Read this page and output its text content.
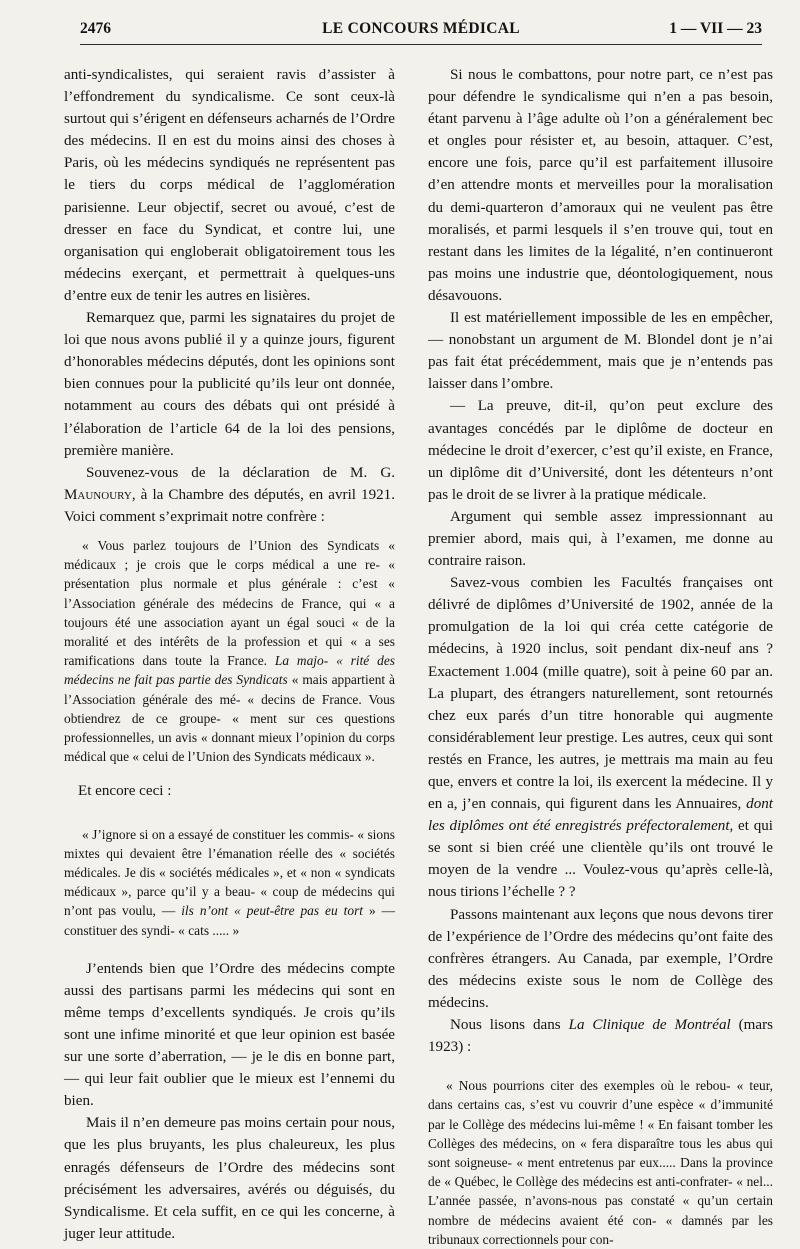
2476	LE CONCOURS MÉDICAL	1 — VII — 23

anti-syndicalistes, qui seraient ravis d’assister à l’effondrement du syndicalisme. Ce sont ceux-là surtout qui s’érigent en défenseurs acharnés de l’Ordre des médecins. Il en est du moins ainsi des choses à Paris, où les médecins syndiqués ne représentent pas le tiers du corps médical de l’agglomération parisienne. Leur objectif, secret ou avoué, c’est de dresser en face du Syndicat, et contre lui, une organisation qui engloberait obligatoirement tous les médecins exerçant, et permettrait à quelques-uns d’entre eux de tenir les autres en lisières.

Remarquez que, parmi les signataires du projet de loi que nous avons publié il y a quinze jours, figurent d’honorables médecins députés, dont les opinions sont bien connues pour la publicité qu’ils leur ont donnée, notamment au cours des débats qui ont présidé à l’élaboration de l’article 64 de la loi des pensions, première manière.

Souvenez-vous de la déclaration de M. G. Maunoury, à la Chambre des députés, en avril 1921. Voici comment s’exprimait notre confrère :

« Vous parlez toujours de l’Union des Syndicats « médicaux ; je crois que le corps médical a une re- « présentation plus normale et plus générale : c’est « l’Association générale des médecins de France, qui « a toujours été une association ayant un égal souci « de la moralité et des intérêts de la profession et qui « a ses ramifications dans toute la France. La majo- « rité des médecins ne fait pas partie des Syndicats « mais appartient à l’Association générale des mé- « decins de France. Vous obtiendrez de ce groupe- « ment sur ces questions professionnelles, un avis « donnant mieux l’opinion du corps médical que « celui de l’Union des Syndicats médicaux ».

Et encore ceci :

« J’ignore si on a essayé de constituer les commis- « sions mixtes qui devaient être l’émanation réelle des « sociétés médicales. Je dis « sociétés médicales », et « non « syndicats médicaux », parce qu’il y a beau- « coup de médecins qui n’ont pas voulu, — ils n’ont « peut-être pas eu tort » — constituer des syndi- « cats ..... »

J’entends bien que l’Ordre des médecins compte aussi des partisans parmi les médecins qui sont en même temps d’excellents syndiqués. Je crois qu’ils sont une infime minorité et que leur opinion est basée sur une sorte d’aberration, — je le dis en bonne part, — qui leur fait oublier que le mieux est l’ennemi du bien.

Mais il n’en demeure pas moins certain pour nous, que les plus bruyants, les plus chaleureux, les plus enragés défenseurs de l’Ordre des médecins sont précisément les adversaires, avérés ou déguisés, du Syndicalisme. Et cela suffit, en ce qui les concerne, à juger leur attitude.

Si nous le combattons, pour notre part, ce n’est pas pour défendre le syndicalisme qui n’en a pas besoin, étant parvenu à l’âge adulte où l’on a généralement bec et ongles pour résister et, au besoin, attaquer. C’est, encore une fois, parce qu’il est parfaitement illusoire d’en attendre monts et merveilles pour la moralisation du demi-quarteron d’amoraux qui ne veulent pas être moralisés, et parmi lesquels il s’en trouve qui, tout en restant dans les limites de la légalité, n’en continueront pas moins une industrie que, déontologiquement, nous désavouons.

Il est matériellement impossible de les en empêcher, — nonobstant un argument de M. Blondel dont je n’ai pas fait état précédemment, mais que je n’entends pas laisser dans l’ombre.

— La preuve, dit-il, qu’on peut exclure des avantages concédés par le diplôme de docteur en médecine le droit d’exercer, c’est qu’il existe, en France, un diplôme dit d’Université, dont les détenteurs n’ont pas le droit de se livrer à la pratique médicale.

Argument qui semble assez impressionnant au premier abord, mais qui, à l’examen, me donne au contraire raison.

Savez-vous combien les Facultés françaises ont délivré de diplômes d’Université de 1902, année de la promulgation de la loi qui créa cette catégorie de médecins, à 1920 inclus, soit pendant dix-neuf ans ? Exactement 1.004 (mille quatre), soit à peine 60 par an. La plupart, des étrangers naturellement, sont retournés chez eux parés d’un titre honorable qui augmente considérablement leur prestige. Les autres, ceux qui sont restés en France, les autres, je mettrais ma main au feu que, envers et contre la loi, ils exercent la médecine. Il y en a, j’en connais, qui figurent dans les Annuaires, dont les diplômes ont été enregistrés préfectoralement, et qui se sont si bien créé une clientèle qu’ils ont trouvé le moyen de la vendre ... Voulez-vous qu’après celle-là, nous tirions l’échelle ? ?

Passons maintenant aux leçons que nous devons tirer de l’expérience de l’Ordre des médecins qu’ont faite des confrères étrangers. Au Canada, par exemple, l’Ordre des médecins existe sous le nom de Collège des médecins.

Nous lisons dans La Clinique de Montréal (mars 1923) :

« Nous pourrions citer des exemples où le rebou- « teur, dans certains cas, s’est vu couvrir d’une espèce « d’immunité par le Collège des médecins lui-même ! « En faisant tomber les Collèges des médecins, on « fera disparaître tous les abus qui sont soigneuse- « ment entretenus par eux..... Dans la province de « Québec, le Collège des médecins est anti-confrater- « nel... L’année passée, n’avons-nous pas constaté « qu’un certain nombre de médecins avaient été con- « damnés par les tribunaux correctionnels pour con-
